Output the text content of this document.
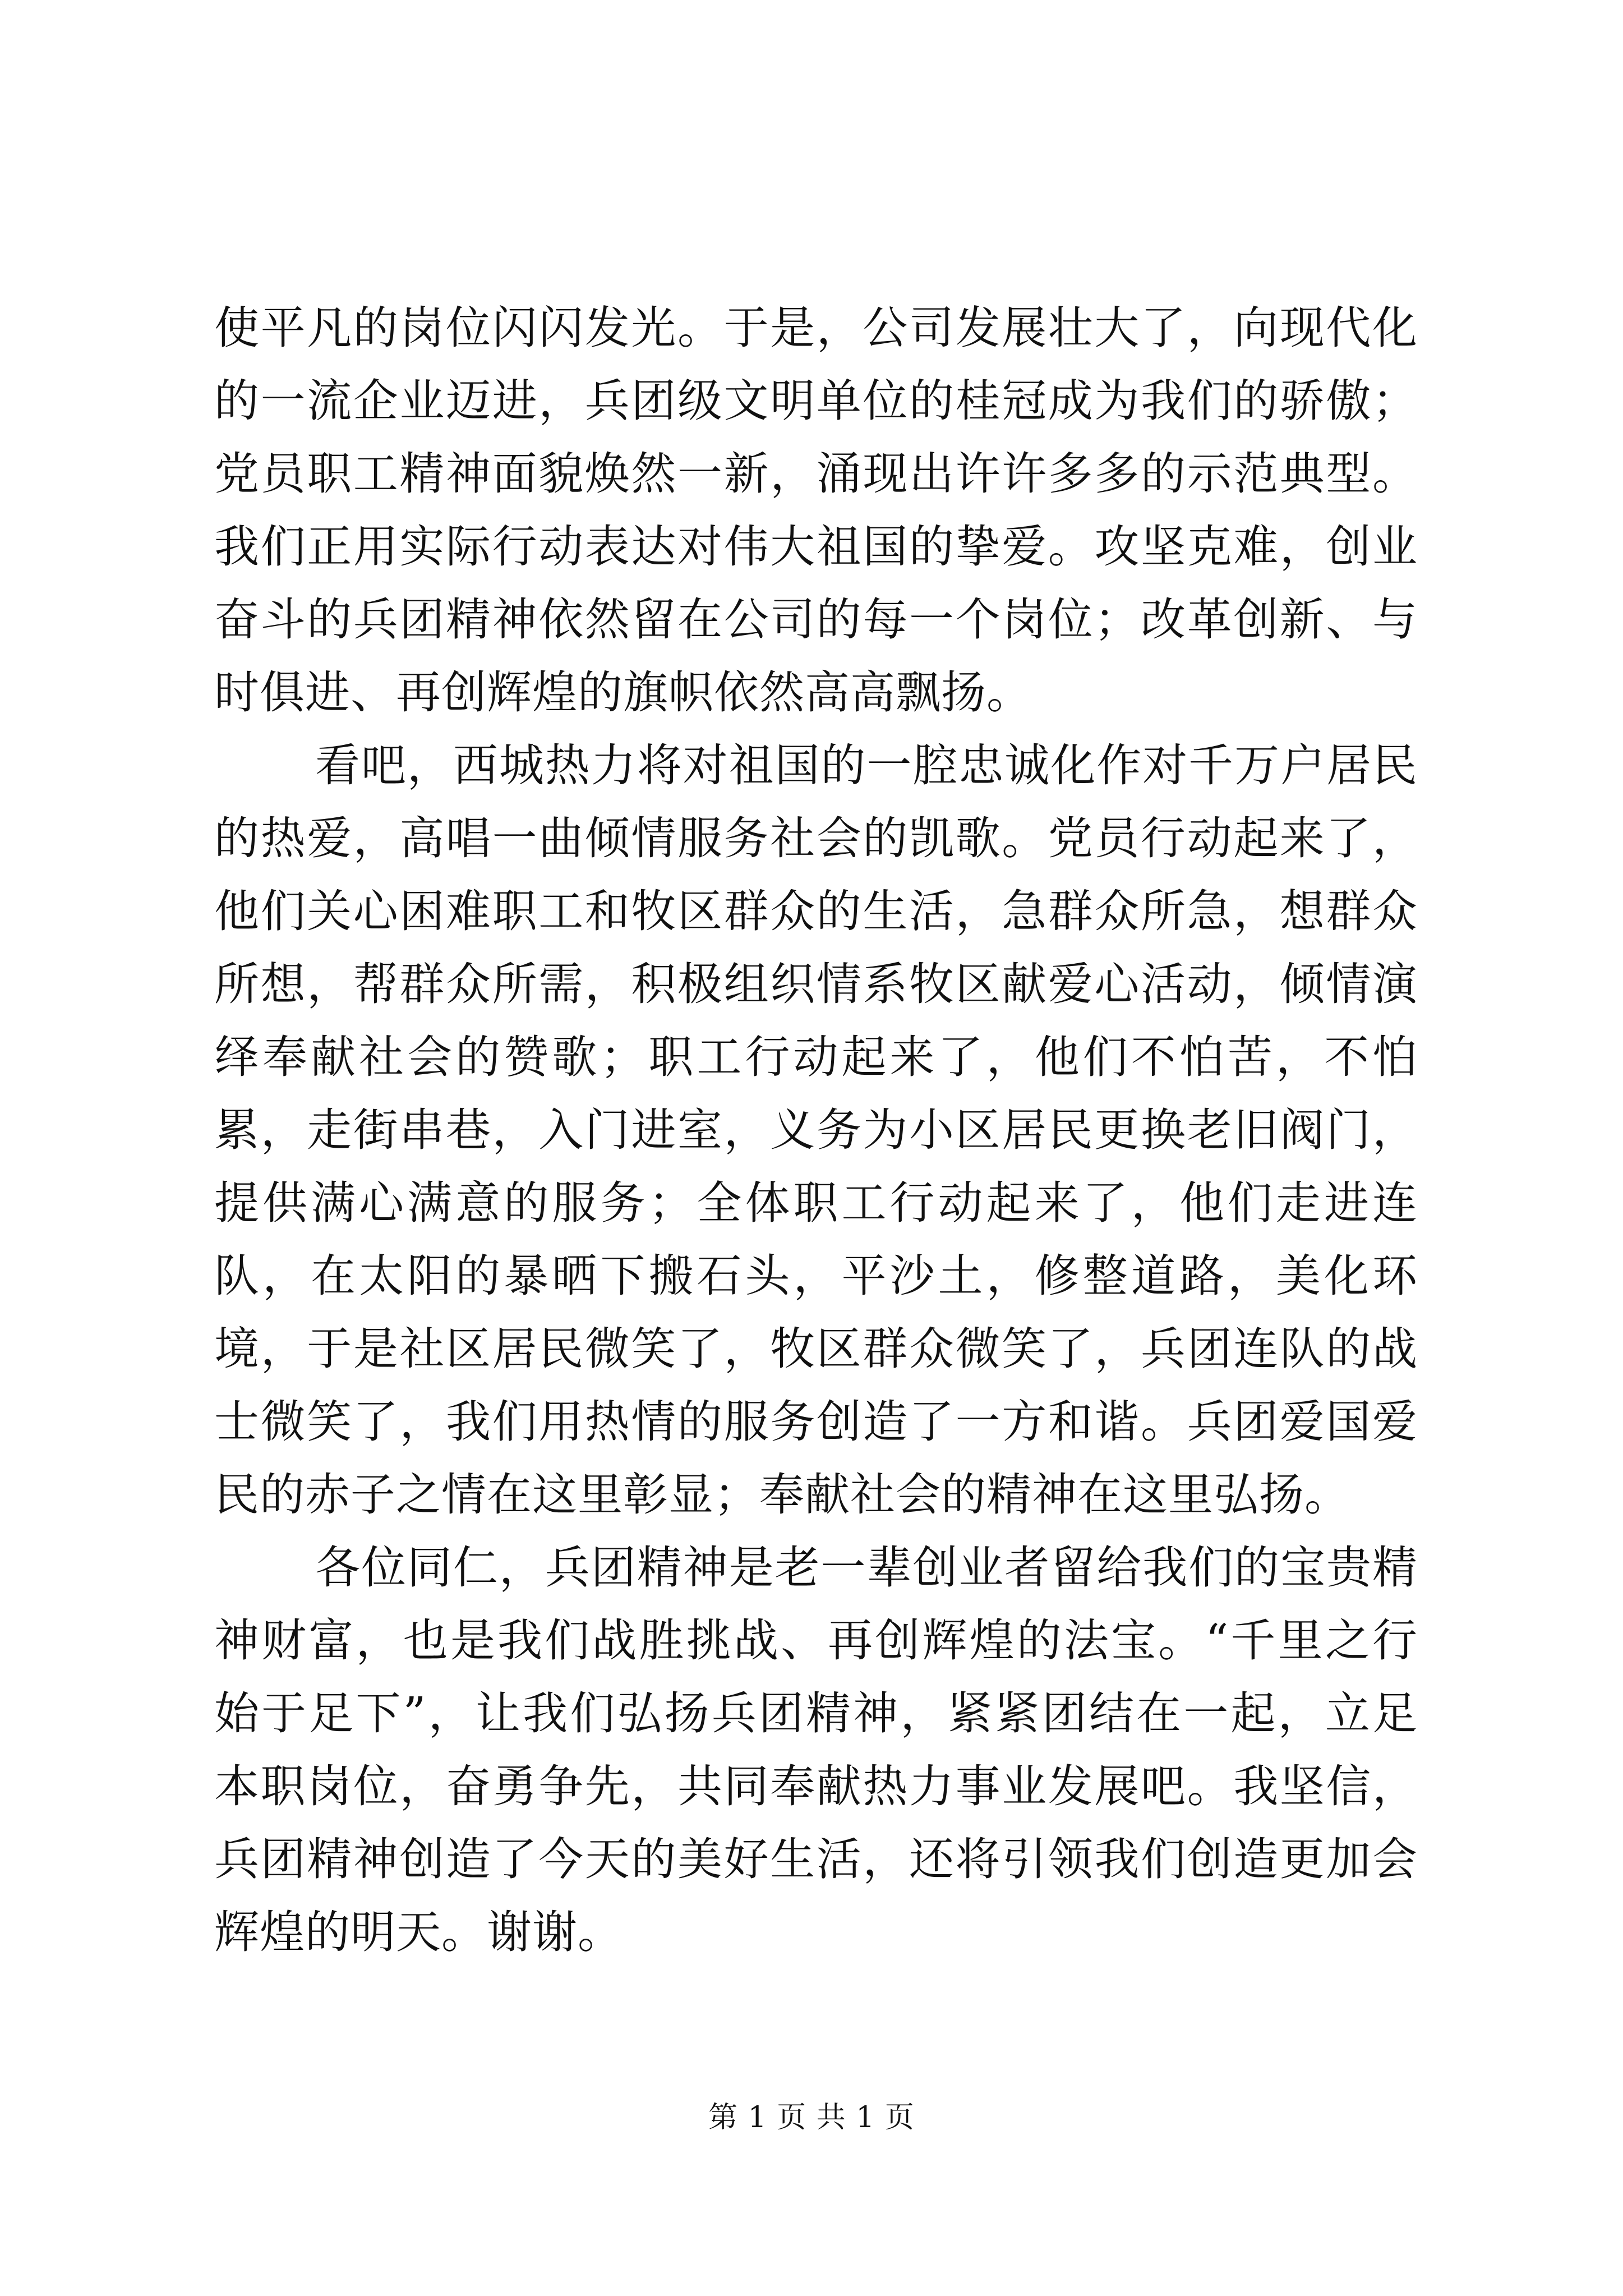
使平凡的岗位闪闪发光。于是，公司发展壮大了，向现代化的一流企业迈进，兵团级文明单位的桂冠成为我们的骄傲；党员职工精神面貌焕然一新，涌现出许许多多的示范典型。我们正用实际行动表达对伟大祖国的挚爱。攻坚克难，创业奋斗的兵团精神依然留在公司的每一个岗位；改革创新、与时俱进、再创辉煌的旗帜依然高高飘扬。

看吧，西城热力将对祖国的一腔忠诚化作对千万户居民的热爱，高唱一曲倾情服务社会的凯歌。党员行动起来了，他们关心困难职工和牧区群众的生活，急群众所急，想群众所想，帮群众所需，积极组织情系牧区献爱心活动，倾情演绎奉献社会的赞歌；职工行动起来了，他们不怕苦，不怕累，走街串巷，入门进室，义务为小区居民更换老旧阀门，提供满心满意的服务；全体职工行动起来了，他们走进连队，在太阳的暴晒下搬石头，平沙土，修整道路，美化环境，于是社区居民微笑了，牧区群众微笑了，兵团连队的战士微笑了，我们用热情的服务创造了一方和谐。兵团爱国爱民的赤子之情在这里彰显；奉献社会的精神在这里弘扬。

各位同仁，兵团精神是老一辈创业者留给我们的宝贵精神财富，也是我们战胜挑战、再创辉煌的法宝。“千里之行始于足下”，让我们弘扬兵团精神，紧紧团结在一起，立足本职岗位，奋勇争先，共同奉献热力事业发展吧。我坚信，兵团精神创造了今天的美好生活，还将引领我们创造更加会辉煌的明天。谢谢。

第 1 页 共 1 页
